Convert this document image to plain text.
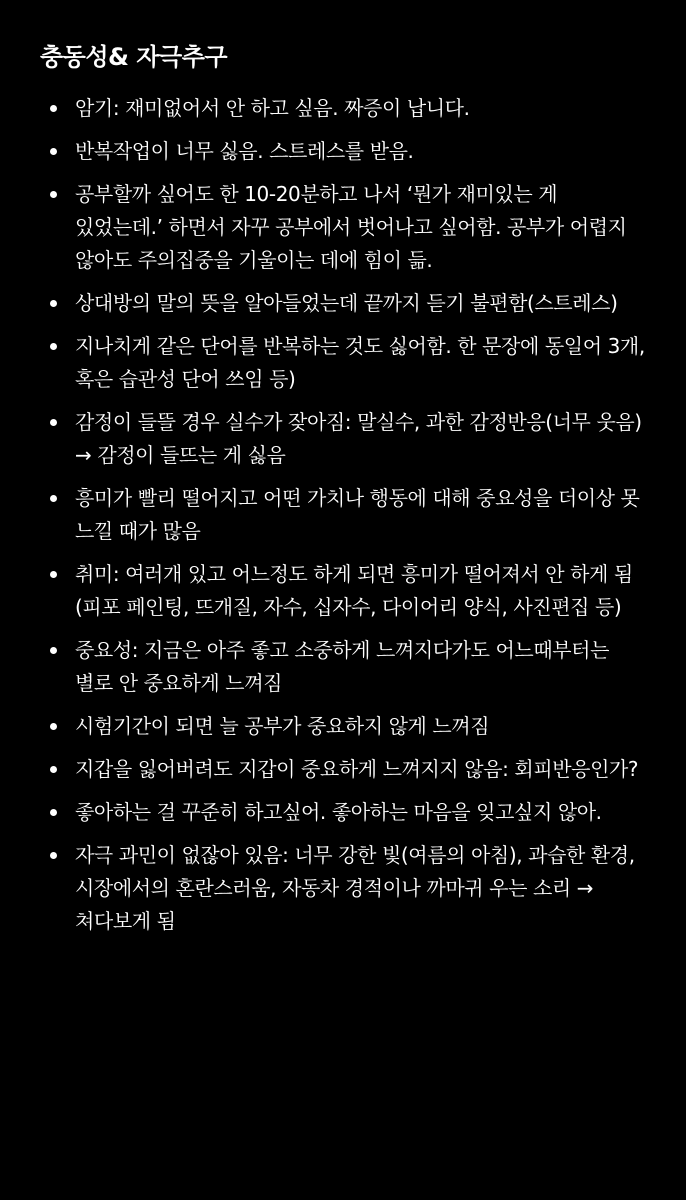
충동성& 자극추구
암기: 재미없어서 안 하고 싶음. 짜증이 납니다.
반복작업이 너무 싫음. 스트레스를 받음.
공부할까 싶어도 한 10-20분하고 나서 ‘뭔가 재미있는 게 있었는데.’ 하면서 자꾸 공부에서 벗어나고 싶어함. 공부가 어렵지 않아도 주의집중을 기울이는 데에 힘이 듦.
상대방의 말의 뜻을 알아들었는데 끝까지 듣기 불편함(스트레스)
지나치게 같은 단어를 반복하는 것도 싫어함. 한 문장에 동일어 3개, 혹은 습관성 단어 쓰임 등)
감정이 들뜰 경우 실수가 잦아짐: 말실수, 과한 감정반응(너무 웃음) → 감정이 들뜨는 게 싫음
흥미가 빨리 떨어지고 어떤 가치나 행동에 대해 중요성을 더이상 못 느낄 때가 많음
취미: 여러개 있고 어느정도 하게 되면 흥미가 떨어져서 안 하게 됨 (피포 페인팅, 뜨개질, 자수, 십자수, 다이어리 양식, 사진편집 등)
중요성: 지금은 아주 좋고 소중하게 느껴지다가도 어느때부터는 별로 안 중요하게 느껴짐
시험기간이 되면 늘 공부가 중요하지 않게 느껴짐
지갑을 잃어버려도 지갑이 중요하게 느껴지지 않음: 회피반응인가?
좋아하는 걸 꾸준히 하고싶어. 좋아하는 마음을 잊고싶지 않아.
자극 과민이 없잖아 있음: 너무 강한 빛(여름의 아침), 과습한 환경, 시장에서의 혼란스러움, 자동차 경적이나 까마귀 우는 소리 → 쳐다보게 됨
